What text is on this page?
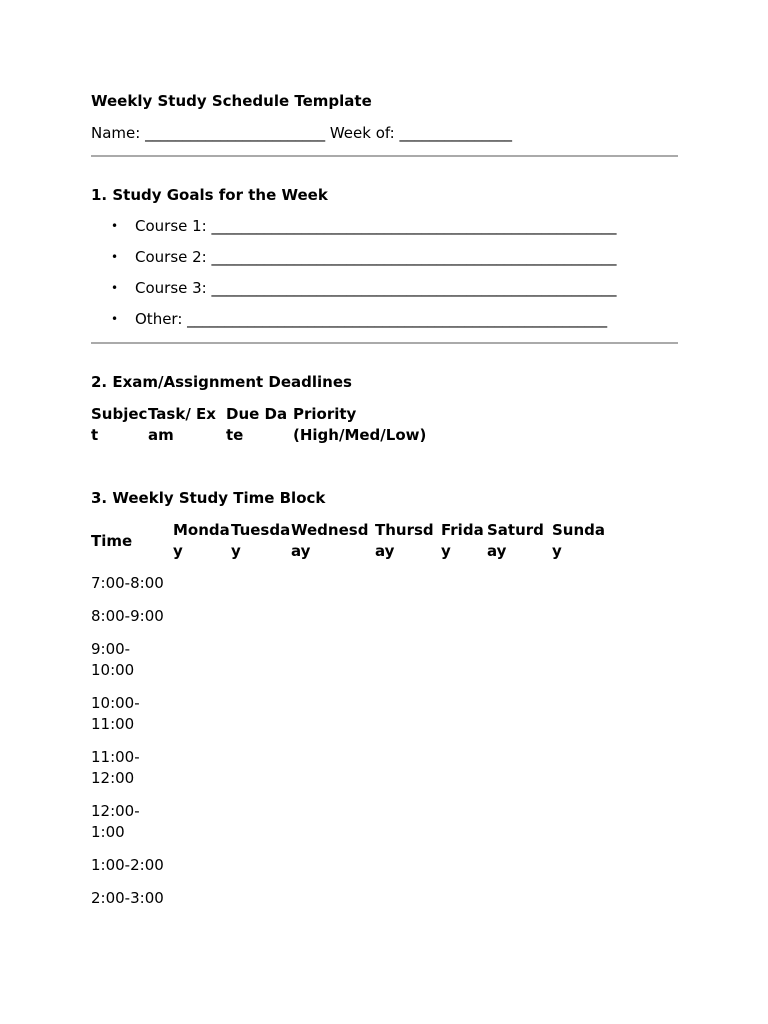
Weekly Study Schedule Template
Name: ________________________ Week of: _______________
1. Study Goals for the Week
• Course 1: ______________________________________________________
• Course 2: ______________________________________________________
• Course 3: ______________________________________________________
• Other: ________________________________________________________
2. Exam/Assignment Deadlines
Subject	Task/ Exam	Due Date	Priority (High/Med/Low)
3. Weekly Study Time Block
Time	Monday	Tuesday	Wednesday	Thursday	Friday	Saturday	Sunday
7:00-8:00							
8:00-9:00							
9:00-10:00							
10:00-11:00							
11:00-12:00							
12:00-1:00							
1:00-2:00							
2:00-3:00							
